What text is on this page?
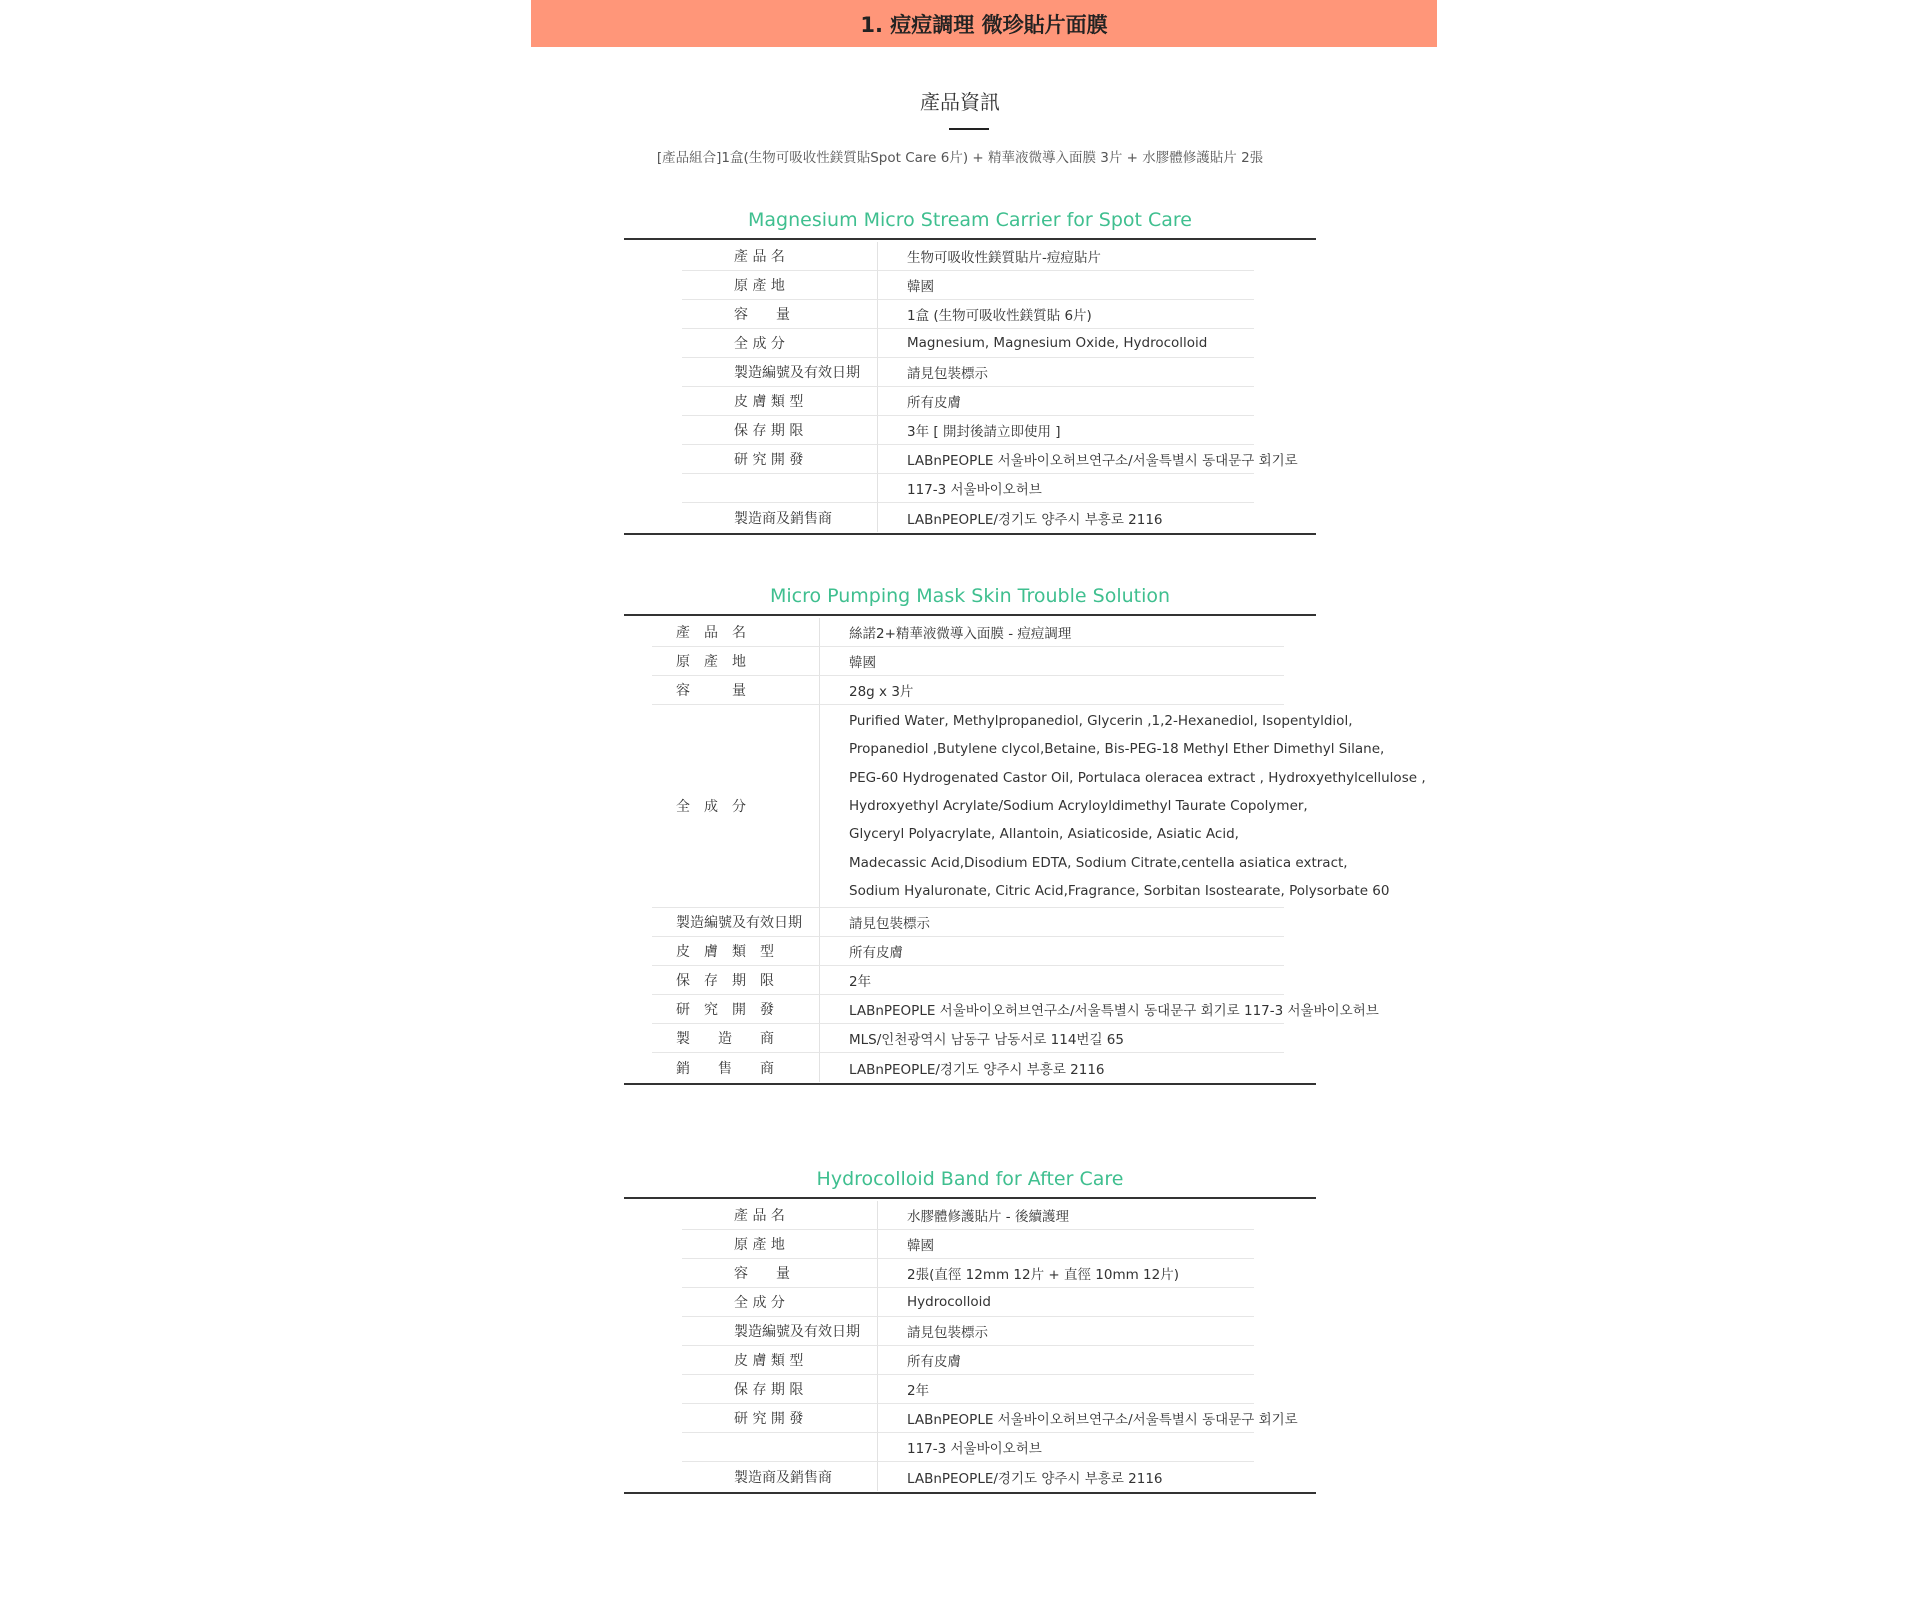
1. 痘痘調理 微珍貼片面膜
產品資訊
[產品組合]1盒(生物可吸收性鎂質貼Spot Care 6片) + 精華液微導入面膜 3片 + 水膠體修護貼片 2張
Magnesium Micro Stream Carrier for Spot Care
產 品 名	生物可吸收性鎂質貼片-痘痘貼片
原 產 地	韓國
容　　量	1盒 (生物可吸收性鎂質貼 6片)
全 成 分	Magnesium, Magnesium Oxide, Hydrocolloid
製造編號及有效日期	請見包裝標示
皮 膚 類 型	所有皮膚
保 存 期 限	3年 [ 開封後請立即使用 ]
研 究 開 發	LABnPEOPLE 서울바이오허브연구소/서울특별시 동대문구 회기로
117-3 서울바이오허브
製造商及銷售商	LABnPEOPLE/경기도 양주시 부흥로 2116
Micro Pumping Mask Skin Trouble Solution
產　品　名	絲諾2+精華液微導入面膜 - 痘痘調理
原　產　地	韓國
容　　　量	28g x 3片
全　成　分
Purified Water, Methylpropanediol, Glycerin ,1,2-Hexanediol, Isopentyldiol,
Propanediol ,Butylene clycol,Betaine, Bis-PEG-18 Methyl Ether Dimethyl Silane,
PEG-60 Hydrogenated Castor Oil, Portulaca oleracea extract , Hydroxyethylcellulose ,
Hydroxyethyl Acrylate/Sodium Acryloyldimethyl Taurate Copolymer,
Glyceryl Polyacrylate, Allantoin, Asiaticoside, Asiatic Acid,
Madecassic Acid,Disodium EDTA, Sodium Citrate,centella asiatica extract,
Sodium Hyaluronate, Citric Acid,Fragrance, Sorbitan Isostearate, Polysorbate 60
製造編號及有效日期	請見包裝標示
皮　膚　類　型	所有皮膚
保　存　期　限	2年
研　究　開　發	LABnPEOPLE 서울바이오허브연구소/서울특별시 동대문구 회기로 117-3 서울바이오허브
製　　造　　商	MLS/인천광역시 남동구 남동서로 114번길 65
銷　　售　　商	LABnPEOPLE/경기도 양주시 부흥로 2116
Hydrocolloid Band for After Care
產 品 名	水膠體修護貼片 - 後續護理
原 產 地	韓國
容　　量	2張(直徑 12mm 12片 + 直徑 10mm 12片)
全 成 分	Hydrocolloid
製造編號及有效日期	請見包裝標示
皮 膚 類 型	所有皮膚
保 存 期 限	2年
研 究 開 發	LABnPEOPLE 서울바이오허브연구소/서울특별시 동대문구 회기로
117-3 서울바이오허브
製造商及銷售商	LABnPEOPLE/경기도 양주시 부흥로 2116
